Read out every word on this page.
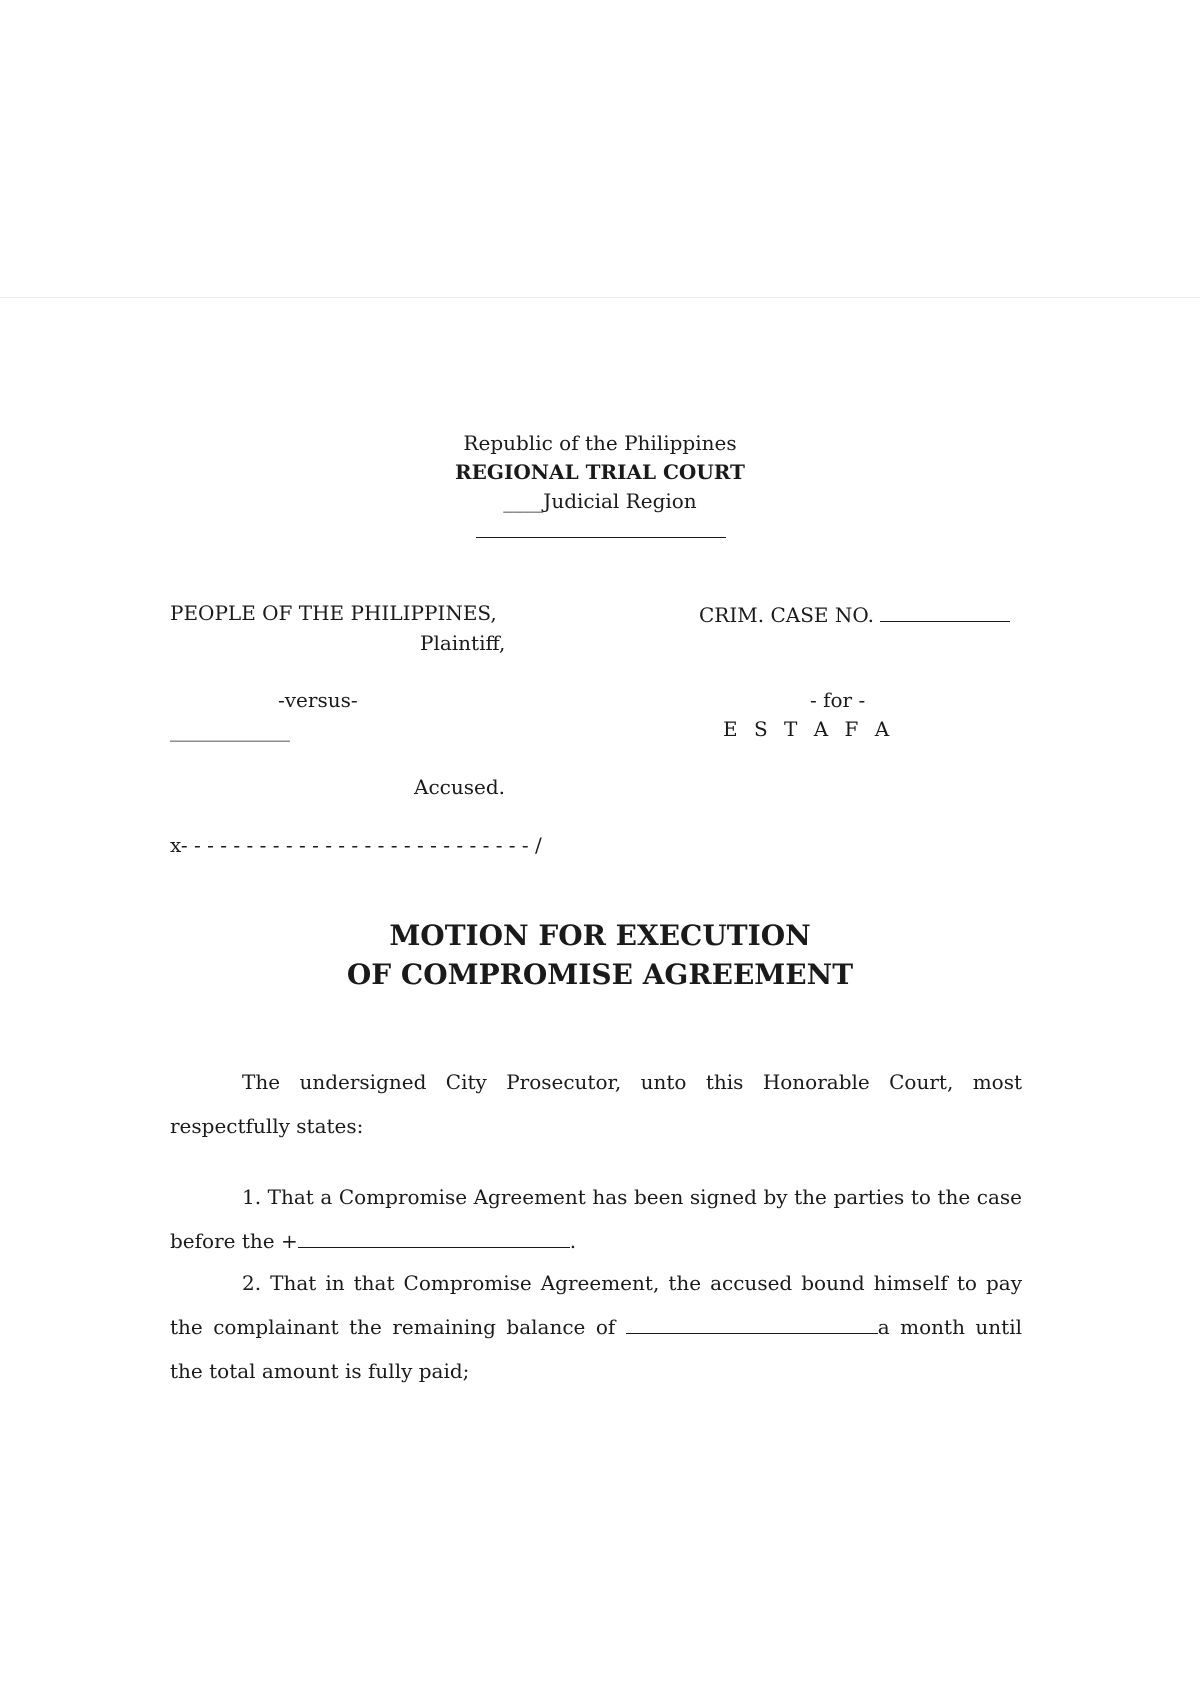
Republic of the Philippines
REGIONAL TRIAL COURT
____Judicial Region
PEOPLE OF THE PHILIPPINES,
Plaintiff,
-versus-
____________
Accused.
x- - - - - - - - - - - - - - - - - - - - - - - - - - - /
CRIM. CASE NO.
- for -
E S T A F A
MOTION FOR EXECUTION
OF COMPROMISE AGREEMENT
The undersigned City Prosecutor, unto this Honorable Court, most respectfully states:
1. That a Compromise Agreement has been signed by the parties to the case before the +	.
2. That in that Compromise Agreement, the accused bound himself to pay the complainant the remaining balance of	a month until the total amount is fully paid;
